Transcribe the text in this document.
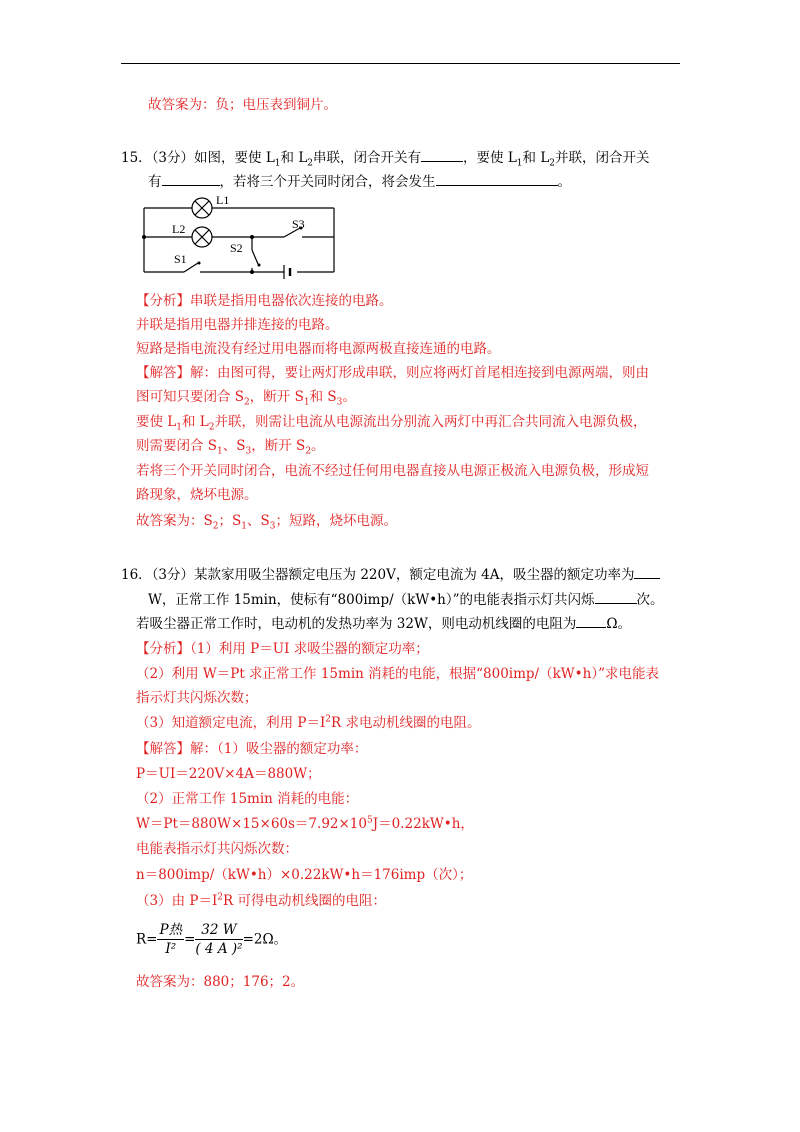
故答案为：负；电压表到铜片。
15．（3分）如图，要使 $L_1$和 $L_2$串联，闭合开关有	，要使 $L_1$和 $L_2$并联，闭合开关
有	，若将三个开关同时闭合，将会发生	。
L1
L2	S3
S2
S1
【分析】串联是指用电器依次连接的电路。
并联是指用电器并排连接的电路。
短路是指电流没有经过用电器而将电源两极直接连通的电路。
【解答】解：由图可得，要让两灯形成串联，则应将两灯首尾相连接到电源两端，则由
图可知只要闭合 $S_2$，断开 $S_1$和 $S_3$。
要使 $L_1$和 $L_2$并联，则需让电流从电源流出分别流入两灯中再汇合共同流入电源负极，
则需要闭合 $S_1$、$S_3$，断开 $S_2$。
若将三个开关同时闭合，电流不经过任何用电器直接从电源正极流入电源负极，形成短
路现象，烧坏电源。
故答案为：$S_2$；$S_1$、$S_3$；短路，烧坏电源。
16．（3分）某款家用吸尘器额定电压为 220V，额定电流为 4A，吸尘器的额定功率为
W，正常工作 15min，使标有“800imp/（kW•h）”的电能表指示灯共闪烁	次。
若吸尘器正常工作时，电动机的发热功率为 32W，则电动机线圈的电阻为 Ω。
【分析】（1）利用 P＝UI 求吸尘器的额定功率；
（2）利用 W＝Pt 求正常工作 15min 消耗的电能，根据“800imp/（kW•h）”求电能表
指示灯共闪烁次数；
（3）知道额定电流，利用 $P=I^2R$ 求电动机线圈的电阻。
【解答】解：（1）吸尘器的额定功率：
P＝UI＝220V×4A＝880W；
（2）正常工作 15min 消耗的电能：
$W=Pt=880W\times 15\times 60s=7.92\times 10^5J=0.22kW•h$，
电能表指示灯共闪烁次数：
n＝800imp/（kW•h）×0.22kW•h＝176imp（次）；
（3）由 $P=I^2R$ 可得电动机线圈的电阻：
$R= \frac{\text{P热}}{\text{I²}} = \frac{32 W}{\text{( 4 A )²}} =2\Omega$。
故答案为：880；176；2。
